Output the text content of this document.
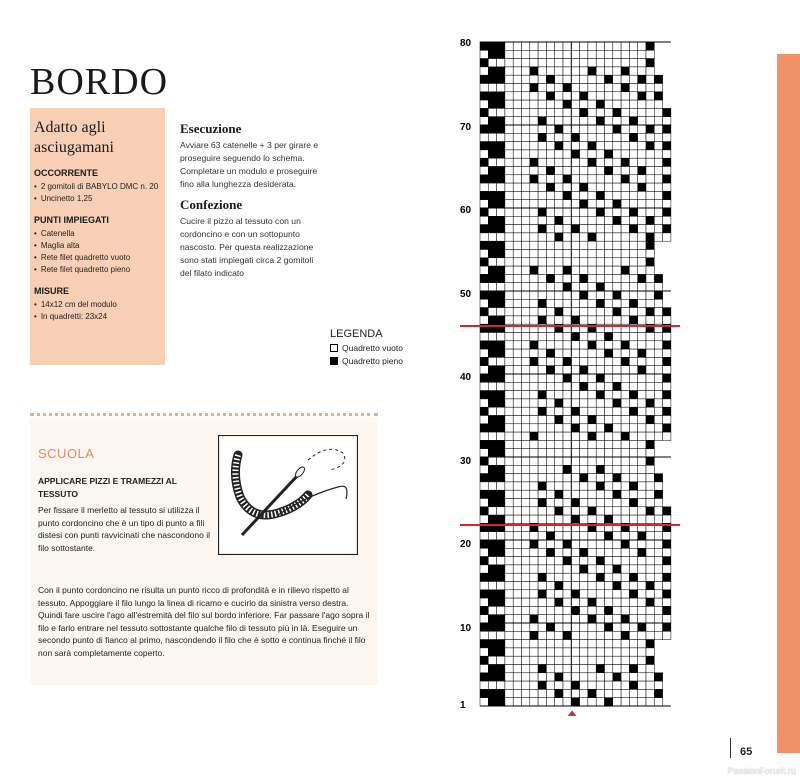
BORDO
Adatto agli asciugamani
OCCORRENTE
• 2 gomitoli di BABYLO DMC n. 20
• Uncinetto 1,25
PUNTI IMPIEGATI
• Catenella
• Maglia alta
• Rete filet quadretto vuoto
• Rete filet quadretto pieno
MISURE
• 14x12 cm del modulo
• In quadretti: 23x24
Esecuzione

Avviare 63 catenelle + 3 per girare e proseguire seguendo lo schema. Completare un modulo e proseguire fino alla lunghezza desiderata.

Confezione

Cucire il pizzo al tessuto con un cordoncino e con un sottopunto nascosto. Per questa realizzazione sono stati impiegati circa 2 gomitoli del filato indicato

LEGENDA
Quadretto vuoto
Quadretto pieno
SCUOLA
APPLICARE PIZZI E TRAMEZZI AL TESSUTO
Per fissare il merletto al tessuto si utilizza il punto cordoncino che è un tipo di punto a fili distesi con punti ravvicinati che nascondono il filo sottostante.
Con il punto cordoncino ne risulta un punto ricco di profondità e in rilievo rispetto al tessuto. Appoggiare il filo lungo la linea di ricamo e cucirlo da sinistra verso destra. Quindi fare uscire l'ago all'estremità del filo sul bordo inferiore. Far passare l'ago sopra il filo e farlo entrare nel tessuto sottostante qualche filo di tessuto più in là. Eseguire un secondo punto di fianco al primo, nascondendo il filo che è sotto e continua finché il filo non sarà completamente coperto.
80
70
60
50
40
30
20
10
1
65
PassionForum.ru
